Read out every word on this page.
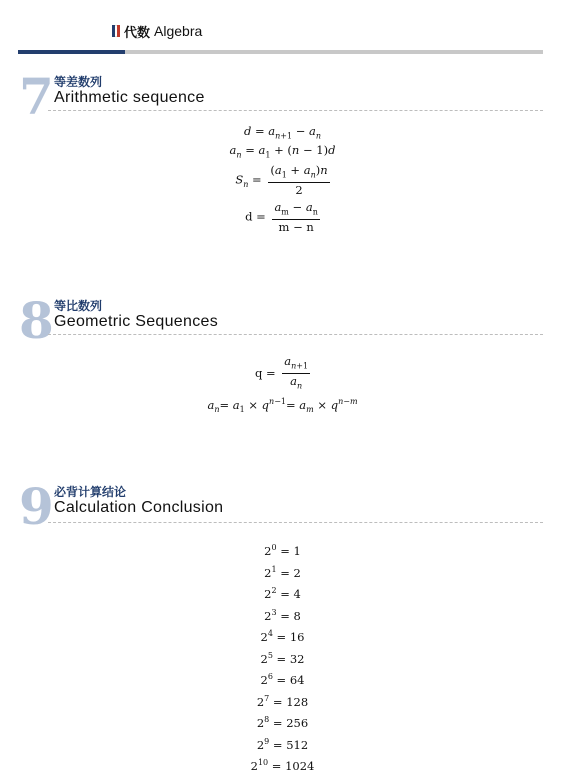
代数 Algebra
7 等差数列
Arithmetic sequence
$d = a_{n+1} - a_n$
$a_n = a_1 + (n - 1)d$
$S_n = \frac{(a_1 + a_n)n}{2}$
$d = \frac{a_m - a_n}{m - n}$
8 等比数列
Geometric Sequences
$q = \frac{a_{n+1}}{a_n}$
$a_n= a_1 \times q^{n-1}= a_m \times q^{n-m}$
9 必背计算结论
Calculation Conclusion
$2^0 = 1$
$2^1 = 2$
$2^2 = 4$
$2^3 = 8$
$2^4 = 16$
$2^5 = 32$
$2^6 = 64$
$2^7 = 128$
$2^8 = 256$
$2^9 = 512$
$2^{10} = 1024$
